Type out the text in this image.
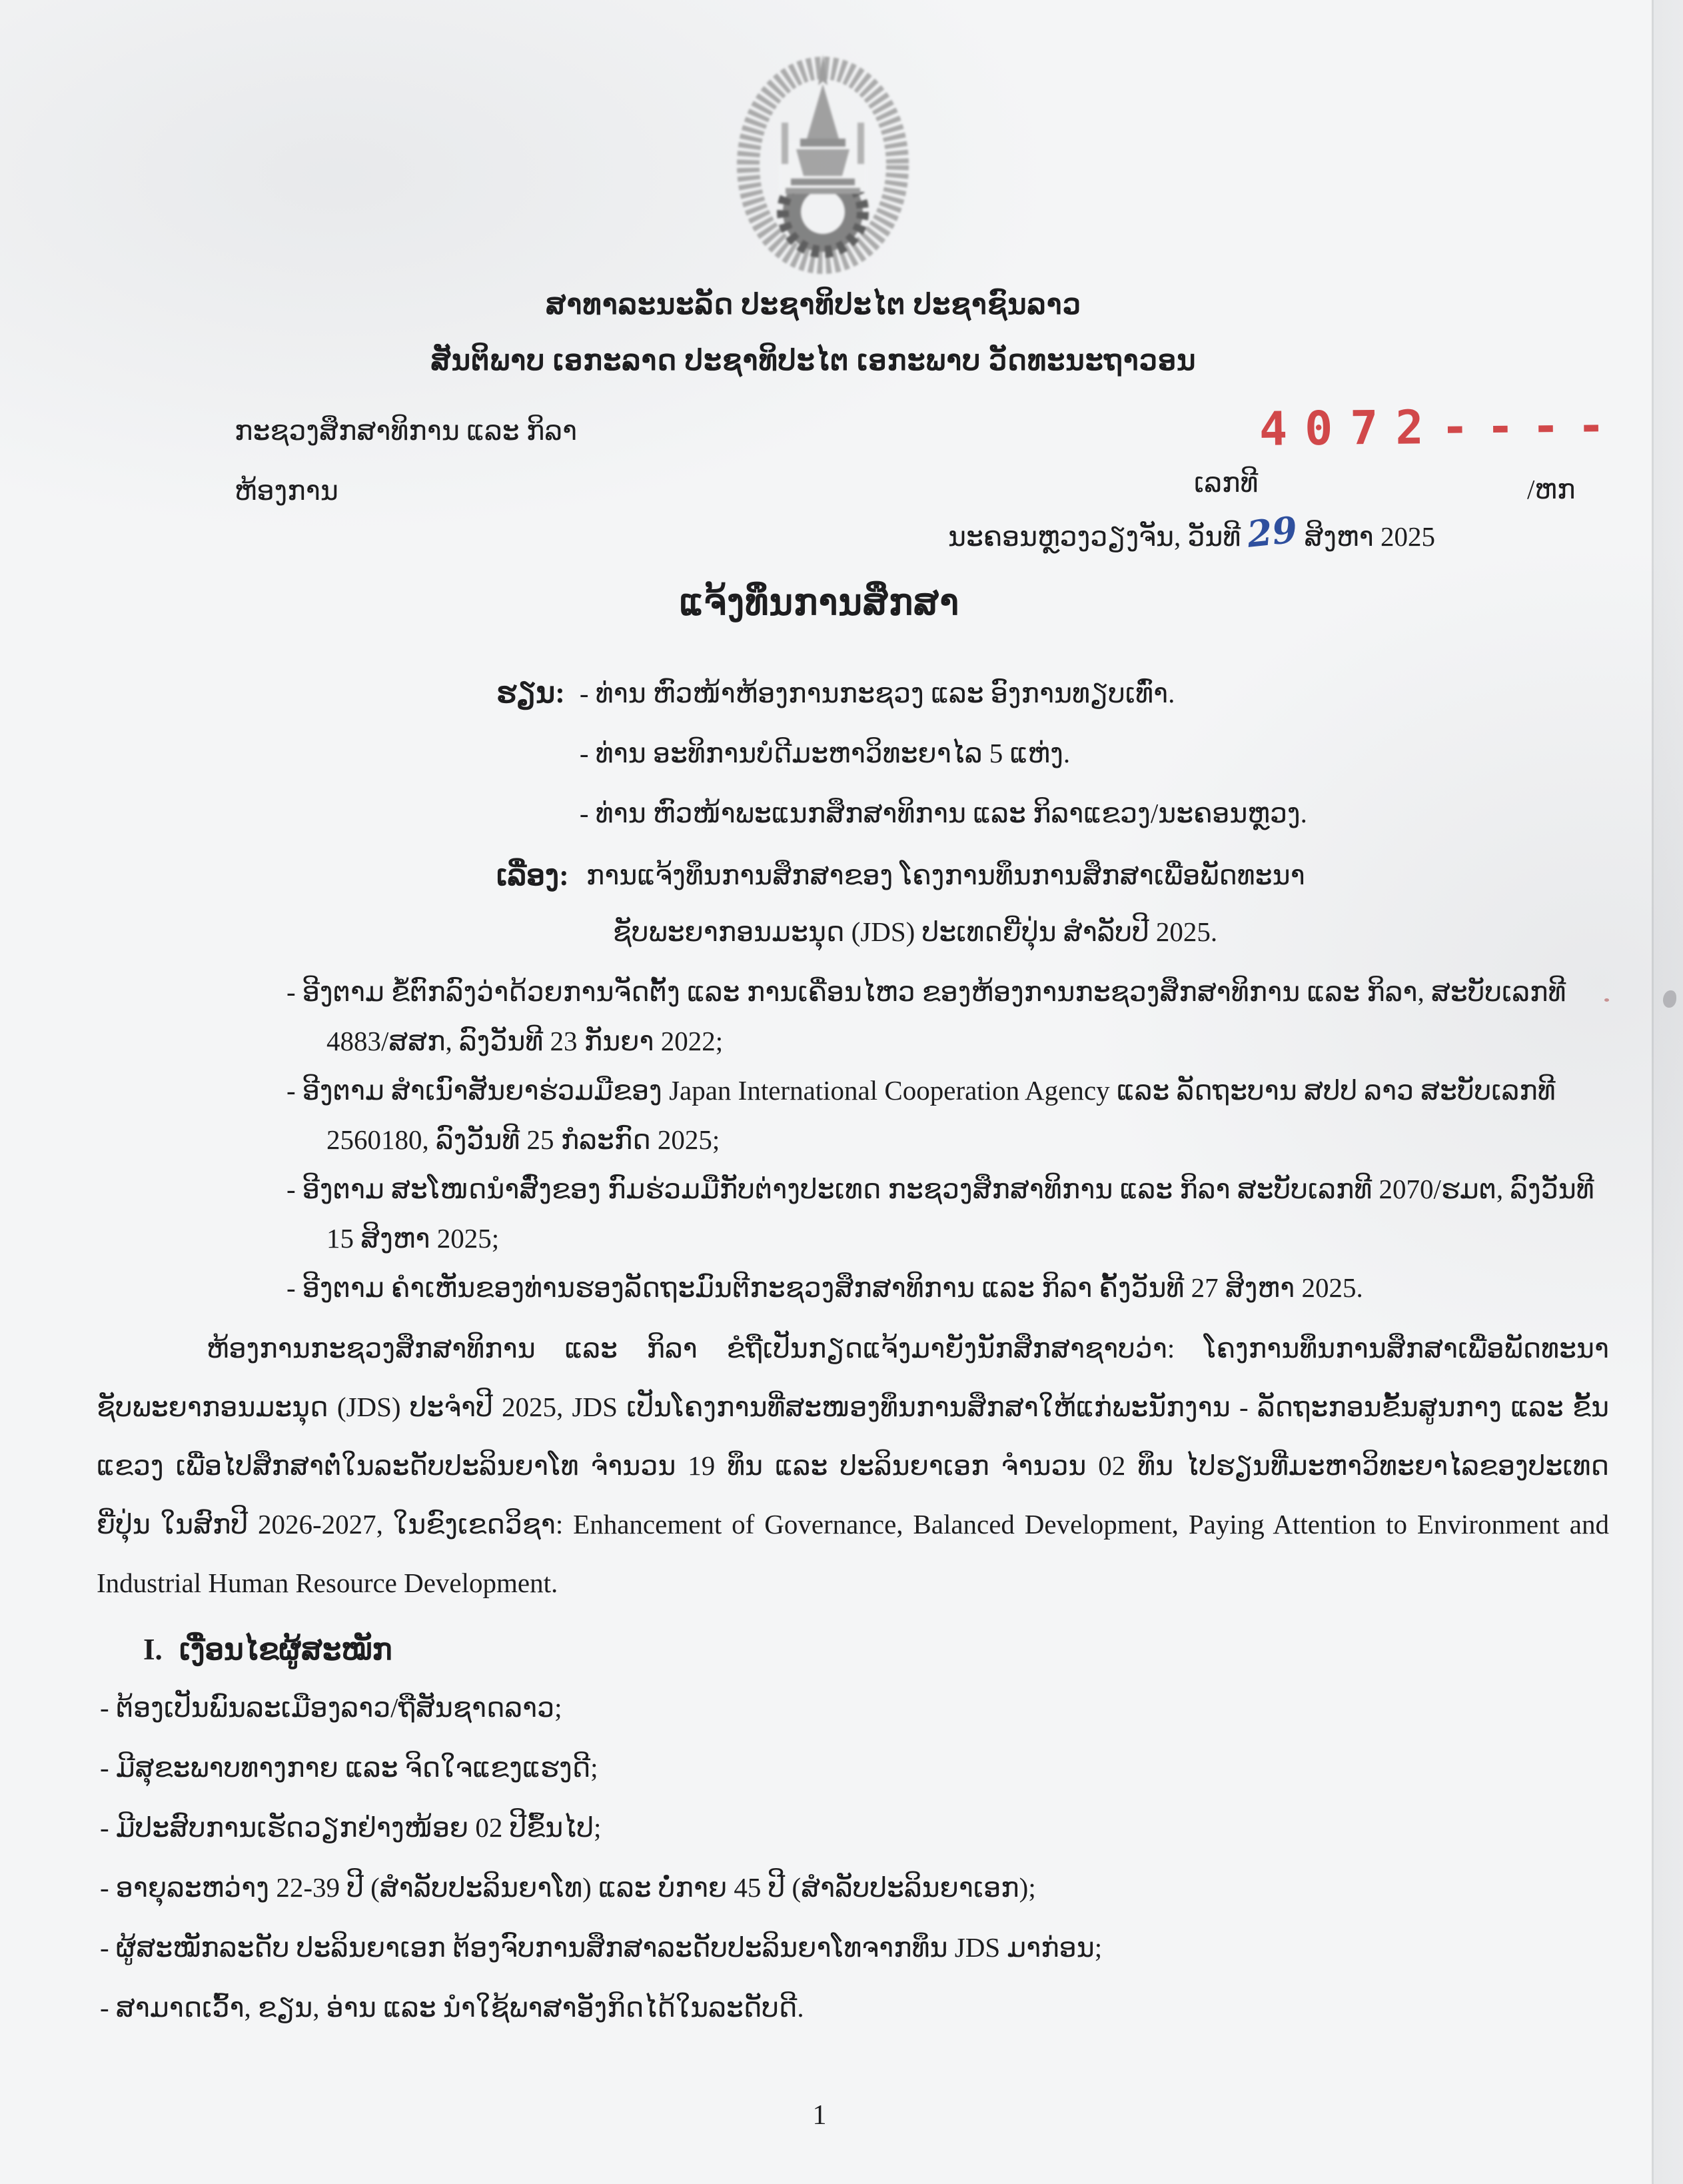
ສາທາລະນະລັດ ປະຊາທິປະໄຕ ປະຊາຊົນລາວ
ສັນຕິພາບ ເອກະລາດ ປະຊາທິປະໄຕ ເອກະພາບ ວັດທະນະຖາວອນ
ກະຊວງສຶກສາທິການ ແລະ ກິລາ
ຫ້ອງການ	ເລກທີ
4072----
/ຫກ
ນະຄອນຫຼວງວຽງຈັນ, ວັນທີ 29 ສິງຫາ 2025
ແຈ້ງທຶນການສຶກສາ
ຮຽນ: - ທ່ານ ຫົວໜ້າຫ້ອງການກະຊວງ ແລະ ອົງການທຽບເທົ່າ.
- ທ່ານ ອະທິການບໍດີມະຫາວິທະຍາໄລ 5 ແຫ່ງ.
- ທ່ານ ຫົວໜ້າພະແນກສຶກສາທິການ ແລະ ກິລາແຂວງ/ນະຄອນຫຼວງ.
ເລື່ອງ: ການແຈ້ງທຶນການສຶກສາຂອງ ໂຄງການທຶນການສຶກສາເພື່ອພັດທະນາ
ຊັບພະຍາກອນມະນຸດ (JDS) ປະເທດຍີ່ປຸ່ນ ສໍາລັບປີ 2025.
- ອີງຕາມ ຂໍ້ຕົກລົງວ່າດ້ວຍການຈັດຕັ້ງ ແລະ ການເຄື່ອນໄຫວ ຂອງຫ້ອງການກະຊວງສຶກສາທິການ ແລະ ກິລາ, ສະບັບເລກທີ 4883/ສສກ, ລົງວັນທີ 23 ກັນຍາ 2022;
- ອີງຕາມ ສໍາເນົາສັນຍາຮ່ວມມືຂອງ Japan International Cooperation Agency ແລະ ລັດຖະບານ ສປປ ລາວ ສະບັບເລກທີ 2560180, ລົງວັນທີ 25 ກໍລະກົດ 2025;
- ອີງຕາມ ສະໂໜດນໍາສົ່ງຂອງ ກົມຮ່ວມມືກັບຕ່າງປະເທດ ກະຊວງສຶກສາທິການ ແລະ ກິລາ ສະບັບເລກທີ 2070/ຮມຕ, ລົງວັນທີ 15 ສິງຫາ 2025;
- ອີງຕາມ ຄໍາເຫັນຂອງທ່ານຮອງລັດຖະມົນຕີກະຊວງສຶກສາທິການ ແລະ ກິລາ ຄັ້ງວັນທີ 27 ສິງຫາ 2025.
ຫ້ອງການກະຊວງສຶກສາທິການ ແລະ ກິລາ ຂໍຖືເປັນກຽດແຈ້ງມາຍັງນັກສຶກສາຊາບວ່າ: ໂຄງການທຶນການສຶກສາເພື່ອພັດທະນາຊັບພະຍາກອນມະນຸດ (JDS) ປະຈໍາປີ 2025, JDS ເປັນໂຄງການທີ່ສະໜອງທຶນການສຶກສາໃຫ້ແກ່ພະນັກງານ - ລັດຖະກອນຂັ້ນສູນກາງ ແລະ ຂັ້ນແຂວງ ເພື່ອໄປສຶກສາຕໍ່ໃນລະດັບປະລິນຍາໂທ ຈໍານວນ 19 ທຶນ ແລະ ປະລິນຍາເອກ ຈໍານວນ 02 ທຶນ ໄປຮຽນທີ່ມະຫາວິທະຍາໄລຂອງປະເທດຍີ່ປຸ່ນ ໃນສົກປີ 2026-2027, ໃນຂົງເຂດວິຊາ: Enhancement of Governance, Balanced Development, Paying Attention to Environment and Industrial Human Resource Development.
I. ເງື່ອນໄຂຜູ້ສະໝັກ
- ຕ້ອງເປັນພົນລະເມືອງລາວ/ຖືສັນຊາດລາວ;
- ມີສຸຂະພາບທາງກາຍ ແລະ ຈິດໃຈແຂງແຮງດີ;
- ມີປະສົບການເຮັດວຽກຢ່າງໜ້ອຍ 02 ປີຂຶ້ນໄປ;
- ອາຍຸລະຫວ່າງ 22-39 ປີ (ສໍາລັບປະລິນຍາໂທ) ແລະ ບໍ່ກາຍ 45 ປີ (ສໍາລັບປະລິນຍາເອກ);
- ຜູ້ສະໝັກລະດັບ ປະລິນຍາເອກ ຕ້ອງຈົບການສຶກສາລະດັບປະລິນຍາໂທຈາກທຶນ JDS ມາກ່ອນ;
- ສາມາດເວົ້າ, ຂຽນ, ອ່ານ ແລະ ນໍາໃຊ້ພາສາອັງກິດໄດ້ໃນລະດັບດີ.
1
